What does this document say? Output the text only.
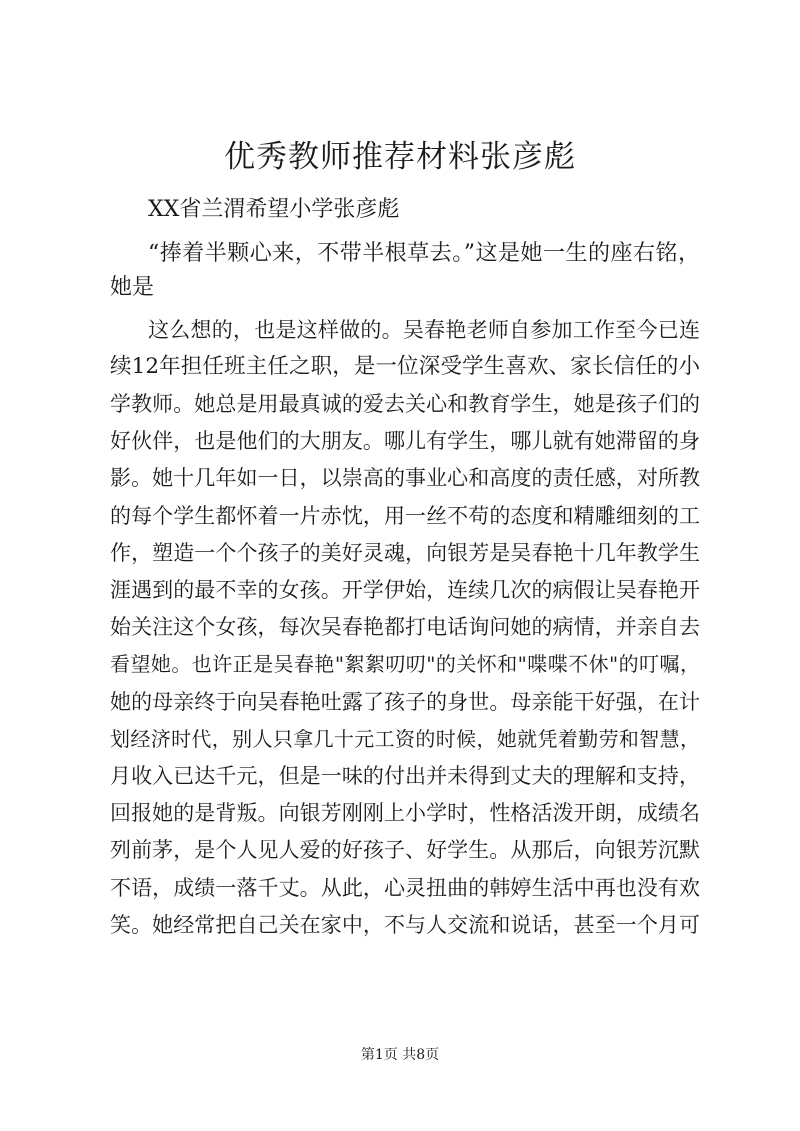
优秀教师推荐材料张彦彪
XX省兰渭希望小学张彦彪
“捧着半颗心来，不带半根草去。”这是她一生的座右铭，
她是
这么想的，也是这样做的。吴春艳老师自参加工作至今已连
续12年担任班主任之职，是一位深受学生喜欢、家长信任的小
学教师。她总是用最真诚的爱去关心和教育学生，她是孩子们的
好伙伴，也是他们的大朋友。哪儿有学生，哪儿就有她滞留的身
影。她十几年如一日，以崇高的事业心和高度的责任感，对所教
的每个学生都怀着一片赤忱，用一丝不苟的态度和精雕细刻的工
作，塑造一个个孩子的美好灵魂，向银芳是吴春艳十几年教学生
涯遇到的最不幸的女孩。开学伊始，连续几次的病假让吴春艳开
始关注这个女孩，每次吴春艳都打电话询问她的病情，并亲自去
看望她。也许正是吴春艳"絮絮叨叨"的关怀和"喋喋不休"的叮嘱，
她的母亲终于向吴春艳吐露了孩子的身世。母亲能干好强，在计
划经济时代，别人只拿几十元工资的时候，她就凭着勤劳和智慧，
月收入已达千元，但是一味的付出并未得到丈夫的理解和支持，
回报她的是背叛。向银芳刚刚上小学时，性格活泼开朗，成绩名
列前茅，是个人见人爱的好孩子、好学生。从那后，向银芳沉默
不语，成绩一落千丈。从此，心灵扭曲的韩婷生活中再也没有欢
笑。她经常把自己关在家中，不与人交流和说话，甚至一个月可
第1页 共8页
